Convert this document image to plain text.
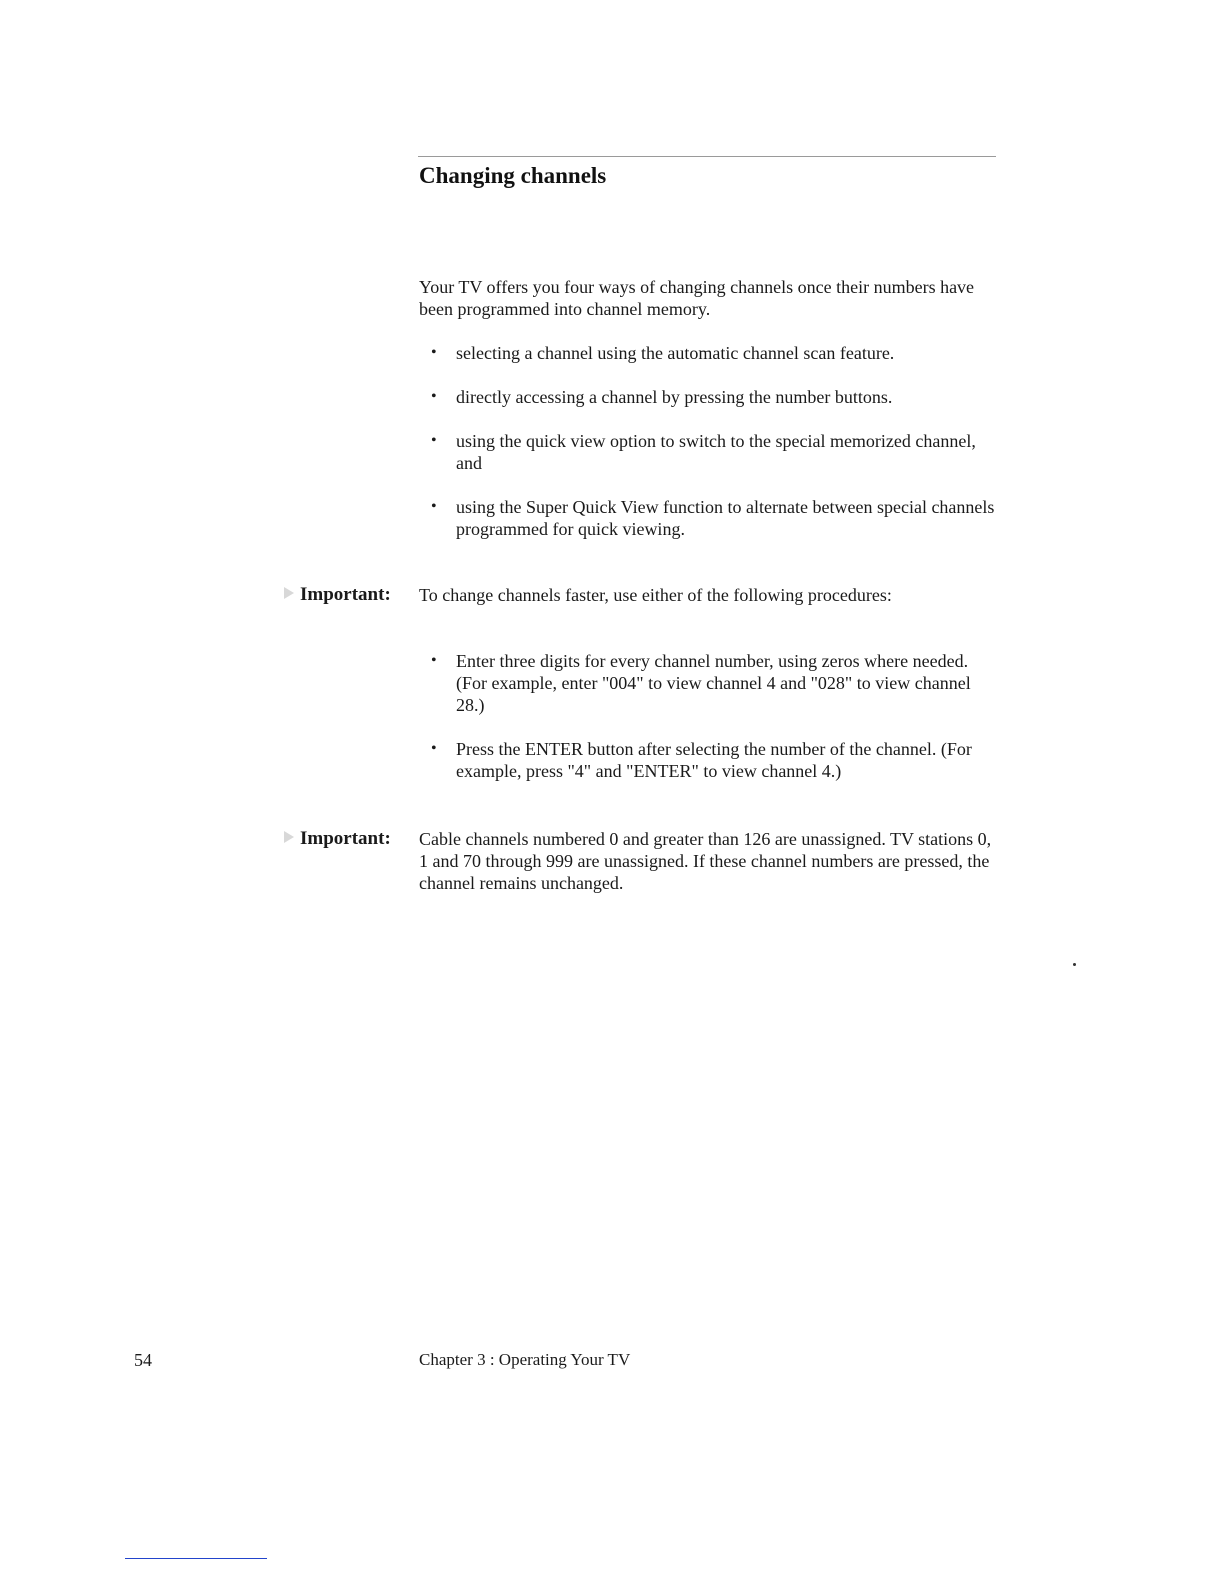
Changing channels

Your TV offers you four ways of changing channels once their numbers have been programmed into channel memory.

• selecting a channel using the automatic channel scan feature.
• directly accessing a channel by pressing the number buttons.
• using the quick view option to switch to the special memorized channel, and
• using the Super Quick View function to alternate between special channels programmed for quick viewing.
Important: To change channels faster, use either of the following procedures:

• Enter three digits for every channel number, using zeros where needed. (For example, enter "004" to view channel 4 and "028" to view channel 28.)
• Press the ENTER button after selecting the number of the channel. (For example, press "4" and "ENTER" to view channel 4.)
Important: Cable channels numbered 0 and greater than 126 are unassigned. TV stations 0, 1 and 70 through 999 are unassigned. If these channel numbers are pressed, the channel remains unchanged.

54	Chapter 3 : Operating Your TV
